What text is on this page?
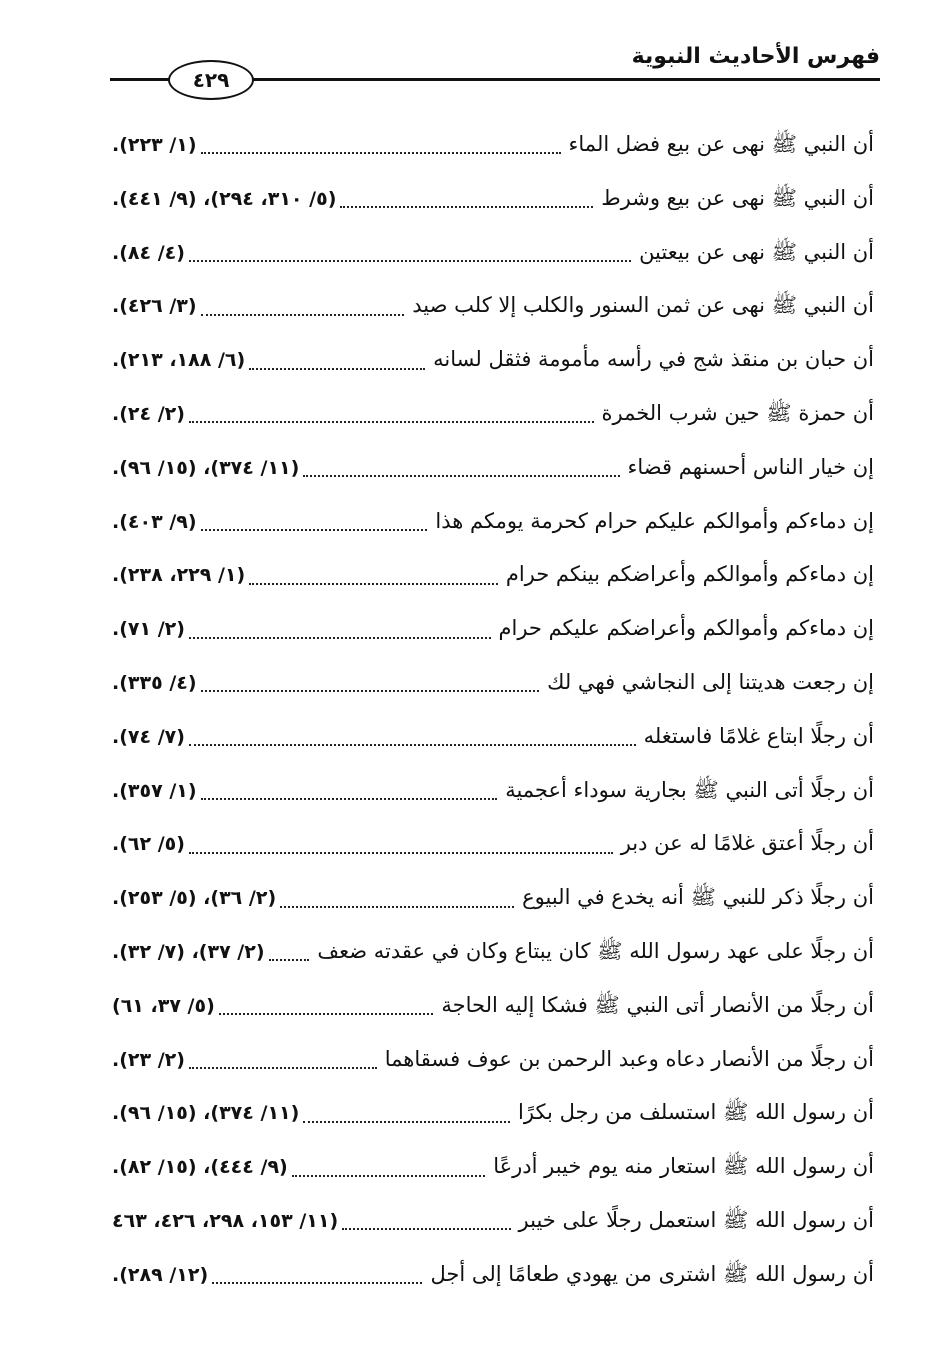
فهرس الأحاديث النبوية
٤٢٩
أن النبي ﷺ نهى عن بيع فضل الماء
(١/ ٢٢٣).
أن النبي ﷺ نهى عن بيع وشرط
(٥/ ٣١٠، ٢٩٤)، (٩/ ٤٤١).
أن النبي ﷺ نهى عن بيعتين
(٤/ ٨٤).
أن النبي ﷺ نهى عن ثمن السنور والكلب إلا كلب صيد
(٣/ ٤٢٦).
أن حبان بن منقذ شج في رأسه مأمومة فثقل لسانه
(٦/ ١٨٨، ٢١٣).
أن حمزة ﷺ حين شرب الخمرة
(٢/ ٢٤).
إن خيار الناس أحسنهم قضاء
(١١/ ٣٧٤)، (١٥/ ٩٦).
إن دماءكم وأموالكم عليكم حرام كحرمة يومكم هذا
(٩/ ٤٠٣).
إن دماءكم وأموالكم وأعراضكم بينكم حرام
(١/ ٢٢٩، ٢٣٨).
إن دماءكم وأموالكم وأعراضكم عليكم حرام
(٢/ ٧١).
إن رجعت هديتنا إلى النجاشي فهي لك
(٤/ ٣٣٥).
أن رجلًا ابتاع غلامًا فاستغله
(٧/ ٧٤).
أن رجلًا أتى النبي ﷺ بجارية سوداء أعجمية
(١/ ٣٥٧).
أن رجلًا أعتق غلامًا له عن دبر
(٥/ ٦٢).
أن رجلًا ذكر للنبي ﷺ أنه يخدع في البيوع
(٢/ ٣٦)، (٥/ ٢٥٣).
أن رجلًا على عهد رسول الله ﷺ كان يبتاع وكان في عقدته ضعف
(٢/ ٣٧)، (٧/ ٣٢).
أن رجلًا من الأنصار أتى النبي ﷺ فشكا إليه الحاجة
(٥/ ٣٧، ٦١)
أن رجلًا من الأنصار دعاه وعبد الرحمن بن عوف فسقاهما
(٢/ ٢٣).
أن رسول الله ﷺ استسلف من رجل بكرًا
(١١/ ٣٧٤)، (١٥/ ٩٦).
أن رسول الله ﷺ استعار منه يوم خيبر أدرعًا
(٩/ ٤٤٤)، (١٥/ ٨٢).
أن رسول الله ﷺ استعمل رجلًا على خيبر
(١١/ ١٥٣، ٢٩٨، ٤٢٦، ٤٦٣
أن رسول الله ﷺ اشترى من يهودي طعامًا إلى أجل
(١٢/ ٢٨٩).
